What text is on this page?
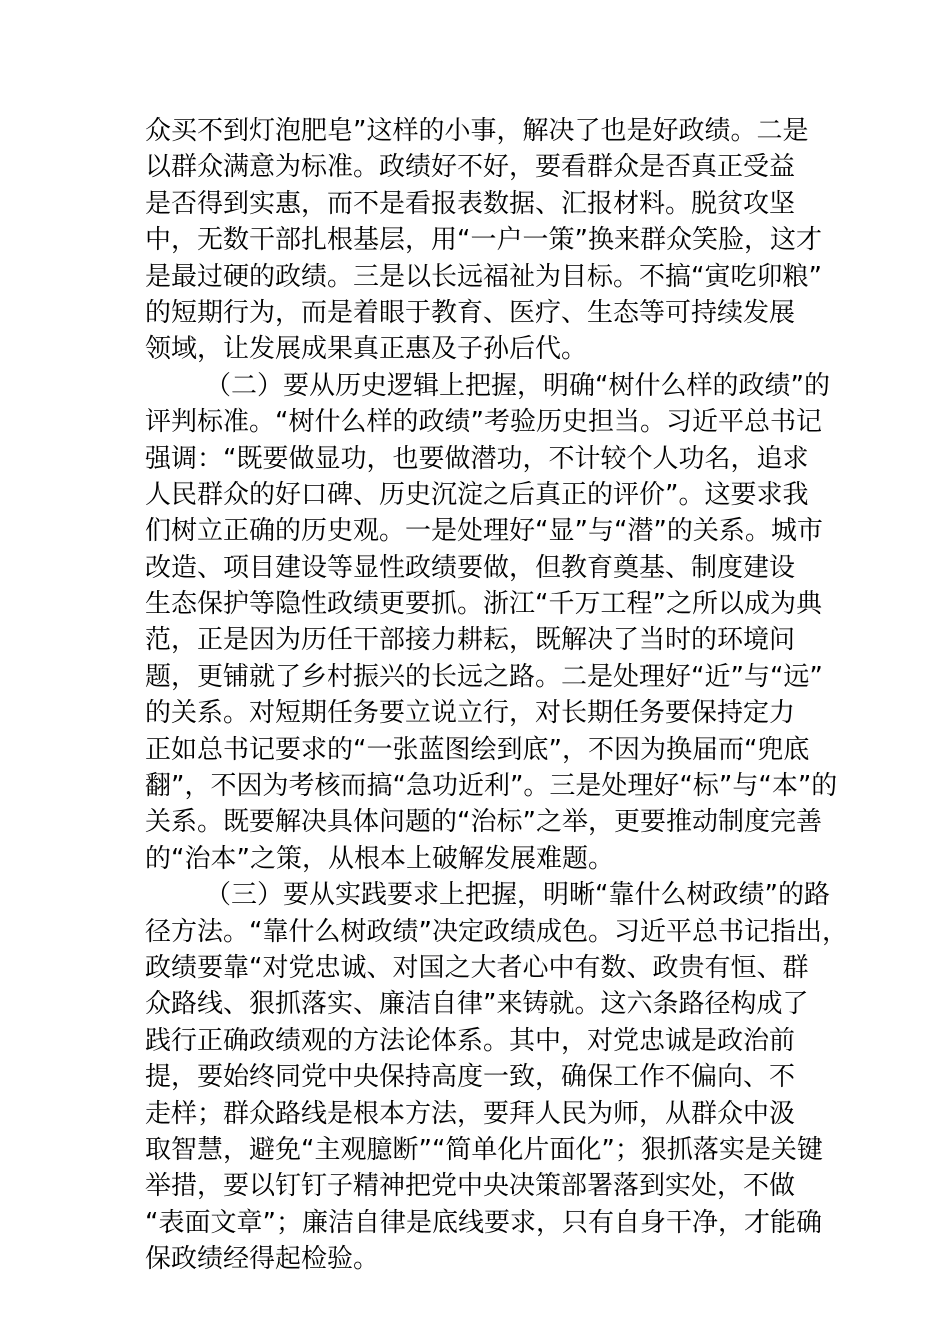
众买不到灯泡肥皂”这样的小事，解决了也是好政绩。二是
以群众满意为标准。政绩好不好，要看群众是否真正受益
是否得到实惠，而不是看报表数据、汇报材料。脱贫攻坚
中，无数干部扎根基层，用“一户一策”换来群众笑脸，这才
是最过硬的政绩。三是以长远福祉为目标。不搞“寅吃卯粮”
的短期行为，而是着眼于教育、医疗、生态等可持续发展
领域，让发展成果真正惠及子孙后代。
（二）要从历史逻辑上把握，明确“树什么样的政绩”的
评判标准。“树什么样的政绩”考验历史担当。习近平总书记
强调：“既要做显功，也要做潜功，不计较个人功名，追求
人民群众的好口碑、历史沉淀之后真正的评价”。这要求我
们树立正确的历史观。一是处理好“显”与“潜”的关系。城市
改造、项目建设等显性政绩要做，但教育奠基、制度建设
生态保护等隐性政绩更要抓。浙江“千万工程”之所以成为典
范，正是因为历任干部接力耕耘，既解决了当时的环境问
题，更铺就了乡村振兴的长远之路。二是处理好“近”与“远”
的关系。对短期任务要立说立行，对长期任务要保持定力
正如总书记要求的“一张蓝图绘到底”，不因为换届而“兜底
翻”，不因为考核而搞“急功近利”。三是处理好“标”与“本”的
关系。既要解决具体问题的“治标”之举，更要推动制度完善
的“治本”之策，从根本上破解发展难题。
（三）要从实践要求上把握，明晰“靠什么树政绩”的路
径方法。“靠什么树政绩”决定政绩成色。习近平总书记指出，
政绩要靠“对党忠诚、对国之大者心中有数、政贵有恒、群
众路线、狠抓落实、廉洁自律”来铸就。这六条路径构成了
践行正确政绩观的方法论体系。其中，对党忠诚是政治前
提，要始终同党中央保持高度一致，确保工作不偏向、不
走样；群众路线是根本方法，要拜人民为师，从群众中汲
取智慧，避免“主观臆断”“简单化片面化”；狠抓落实是关键
举措，要以钉钉子精神把党中央决策部署落到实处，不做
“表面文章”；廉洁自律是底线要求，只有自身干净，才能确
保政绩经得起检验。
